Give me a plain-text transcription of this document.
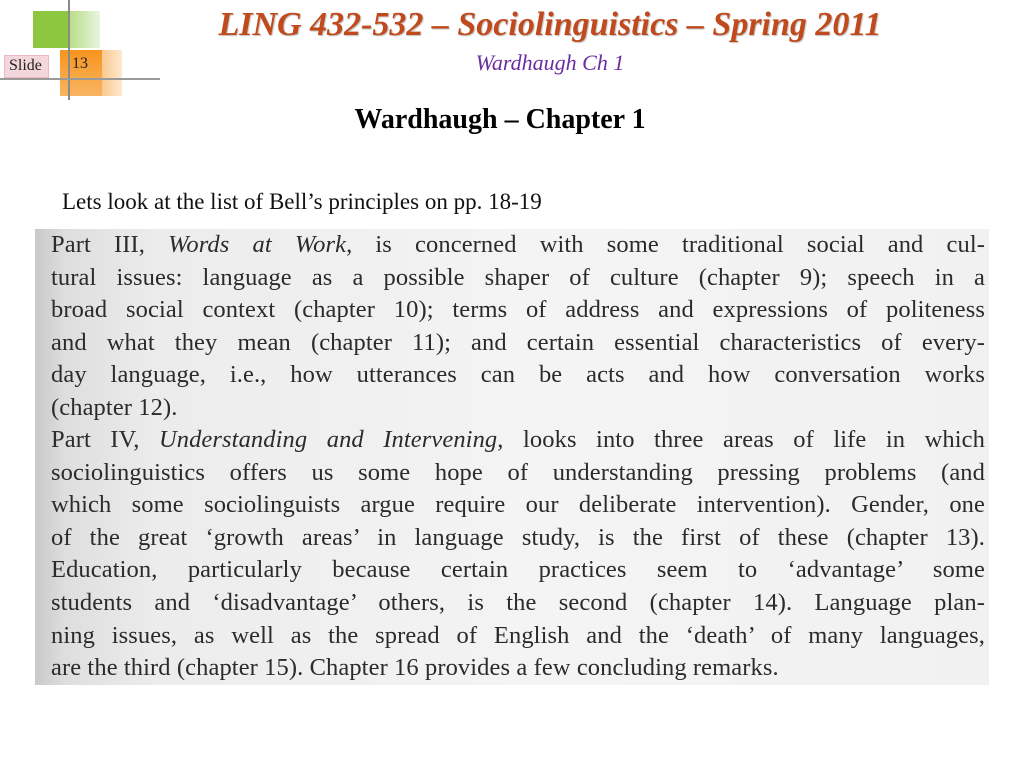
Slide	13
LING 432-532 – Sociolinguistics – Spring 2011
Wardhaugh Ch 1
Wardhaugh – Chapter 1
Lets look at the list of Bell’s principles on pp. 18-19
Part III, Words at Work, is concerned with some traditional social and cul-
tural issues: language as a possible shaper of culture (chapter 9); speech in a
broad social context (chapter 10); terms of address and expressions of politeness
and what they mean (chapter 11); and certain essential characteristics of every-
day language, i.e., how utterances can be acts and how conversation works
(chapter 12).
Part IV, Understanding and Intervening, looks into three areas of life in which
sociolinguistics offers us some hope of understanding pressing problems (and
which some sociolinguists argue require our deliberate intervention). Gender, one
of the great ‘growth areas’ in language study, is the first of these (chapter 13).
Education, particularly because certain practices seem to ‘advantage’ some
students and ‘disadvantage’ others, is the second (chapter 14). Language plan-
ning issues, as well as the spread of English and the ‘death’ of many languages,
are the third (chapter 15). Chapter 16 provides a few concluding remarks.
